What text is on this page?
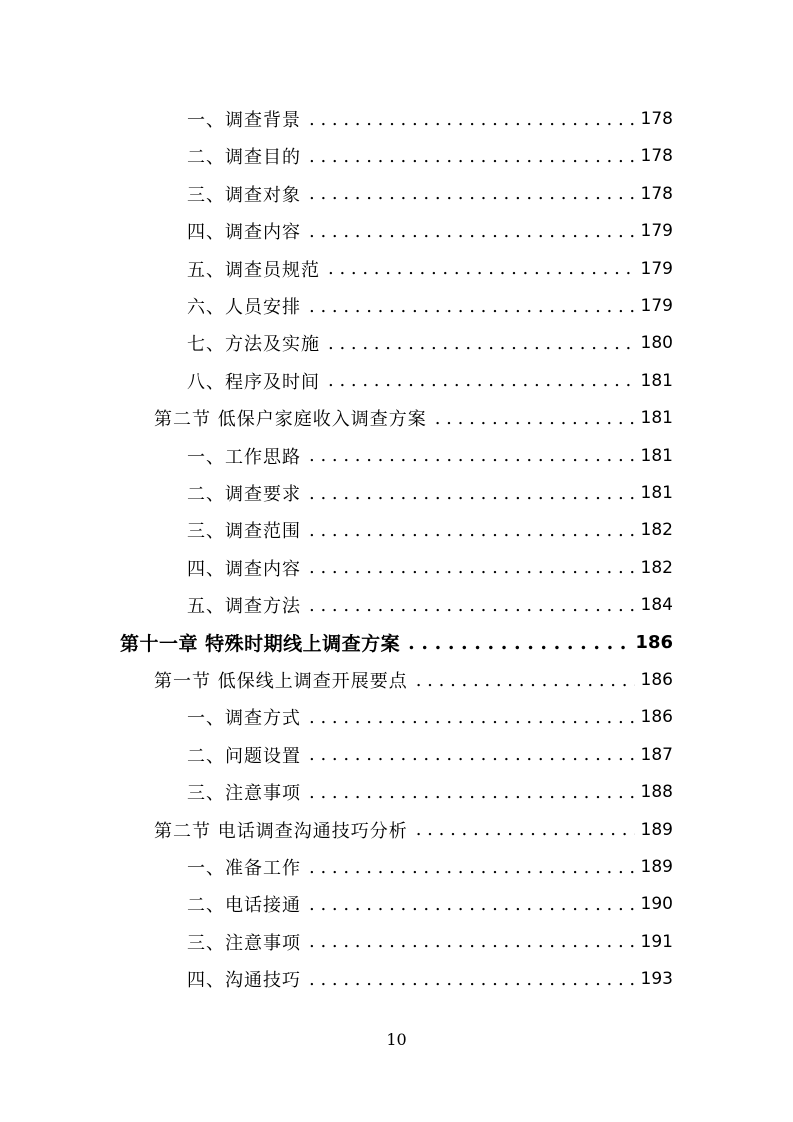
一、调查背景 . . .	178
二、调查目的 . . .	178
三、调查对象 . . .	178
四、调查内容 . . .	179
五、调查员规范 . . .	179
六、人员安排 . . .	179
七、方法及实施 . . .	180
八、程序及时间 . . .	181
第二节 低保户家庭收入调查方案 . . .	181
一、工作思路 . . .	181
二、调查要求 . . .	181
三、调查范围 . . .	182
四、调查内容 . . .	182
五、调查方法 . . .	184
第十一章 特殊时期线上调查方案 . . .	186
第一节 低保线上调查开展要点 . . .	186
一、调查方式 . . .	186
二、问题设置 . . .	187
三、注意事项 . . .	188
第二节 电话调查沟通技巧分析 . . .	189
一、准备工作 . . .	189
二、电话接通 . . .	190
三、注意事项 . . .	191
四、沟通技巧 . . .	193
10
